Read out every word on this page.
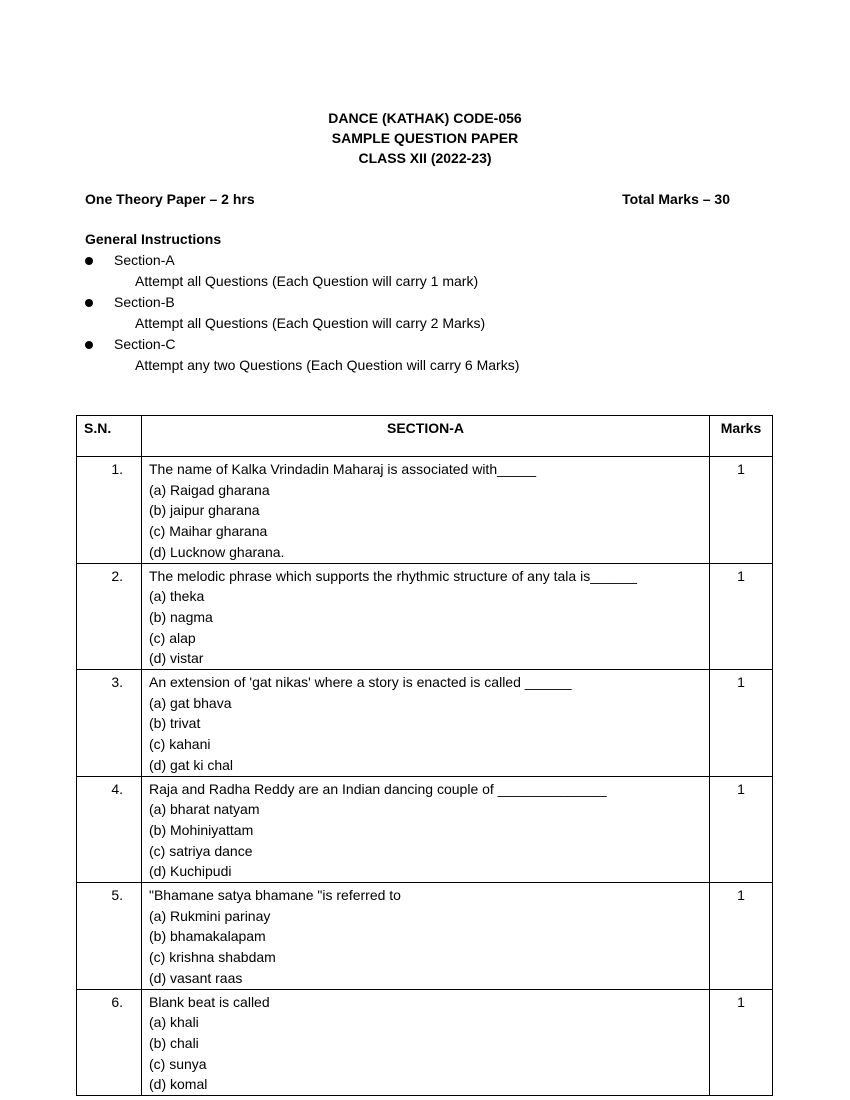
DANCE (KATHAK) CODE-056
SAMPLE QUESTION PAPER
CLASS XII (2022-23)
One Theory Paper – 2 hrs	Total Marks – 30
General Instructions
Section-A
Attempt all Questions (Each Question will carry 1 mark)
Section-B
Attempt all Questions (Each Question will carry 2 Marks)
Section-C
Attempt any two Questions (Each Question will carry 6 Marks)
S.N.	SECTION-A	Marks
1.	The name of Kalka Vrindadin Maharaj is associated with_____
(a) Raigad gharana
(b) jaipur gharana
(c) Maihar gharana
(d) Lucknow gharana.	1
2.	The melodic phrase which supports the rhythmic structure of any tala is______
(a) theka
(b) nagma
(c) alap
(d) vistar	1
3.	An extension of 'gat nikas' where a story is enacted is called ______
(a) gat bhava
(b) trivat
(c) kahani
(d) gat ki chal	1
4.	Raja and Radha Reddy are an Indian dancing couple of ______________
(a) bharat natyam
(b) Mohiniyattam
(c) satriya dance
(d) Kuchipudi	1
5.	"Bhamane satya bhamane "is referred to
(a) Rukmini parinay
(b) bhamakalapam
(c) krishna shabdam
(d) vasant raas	1
6.	Blank beat is called
(a) khali
(b) chali
(c) sunya
(d) komal	1
